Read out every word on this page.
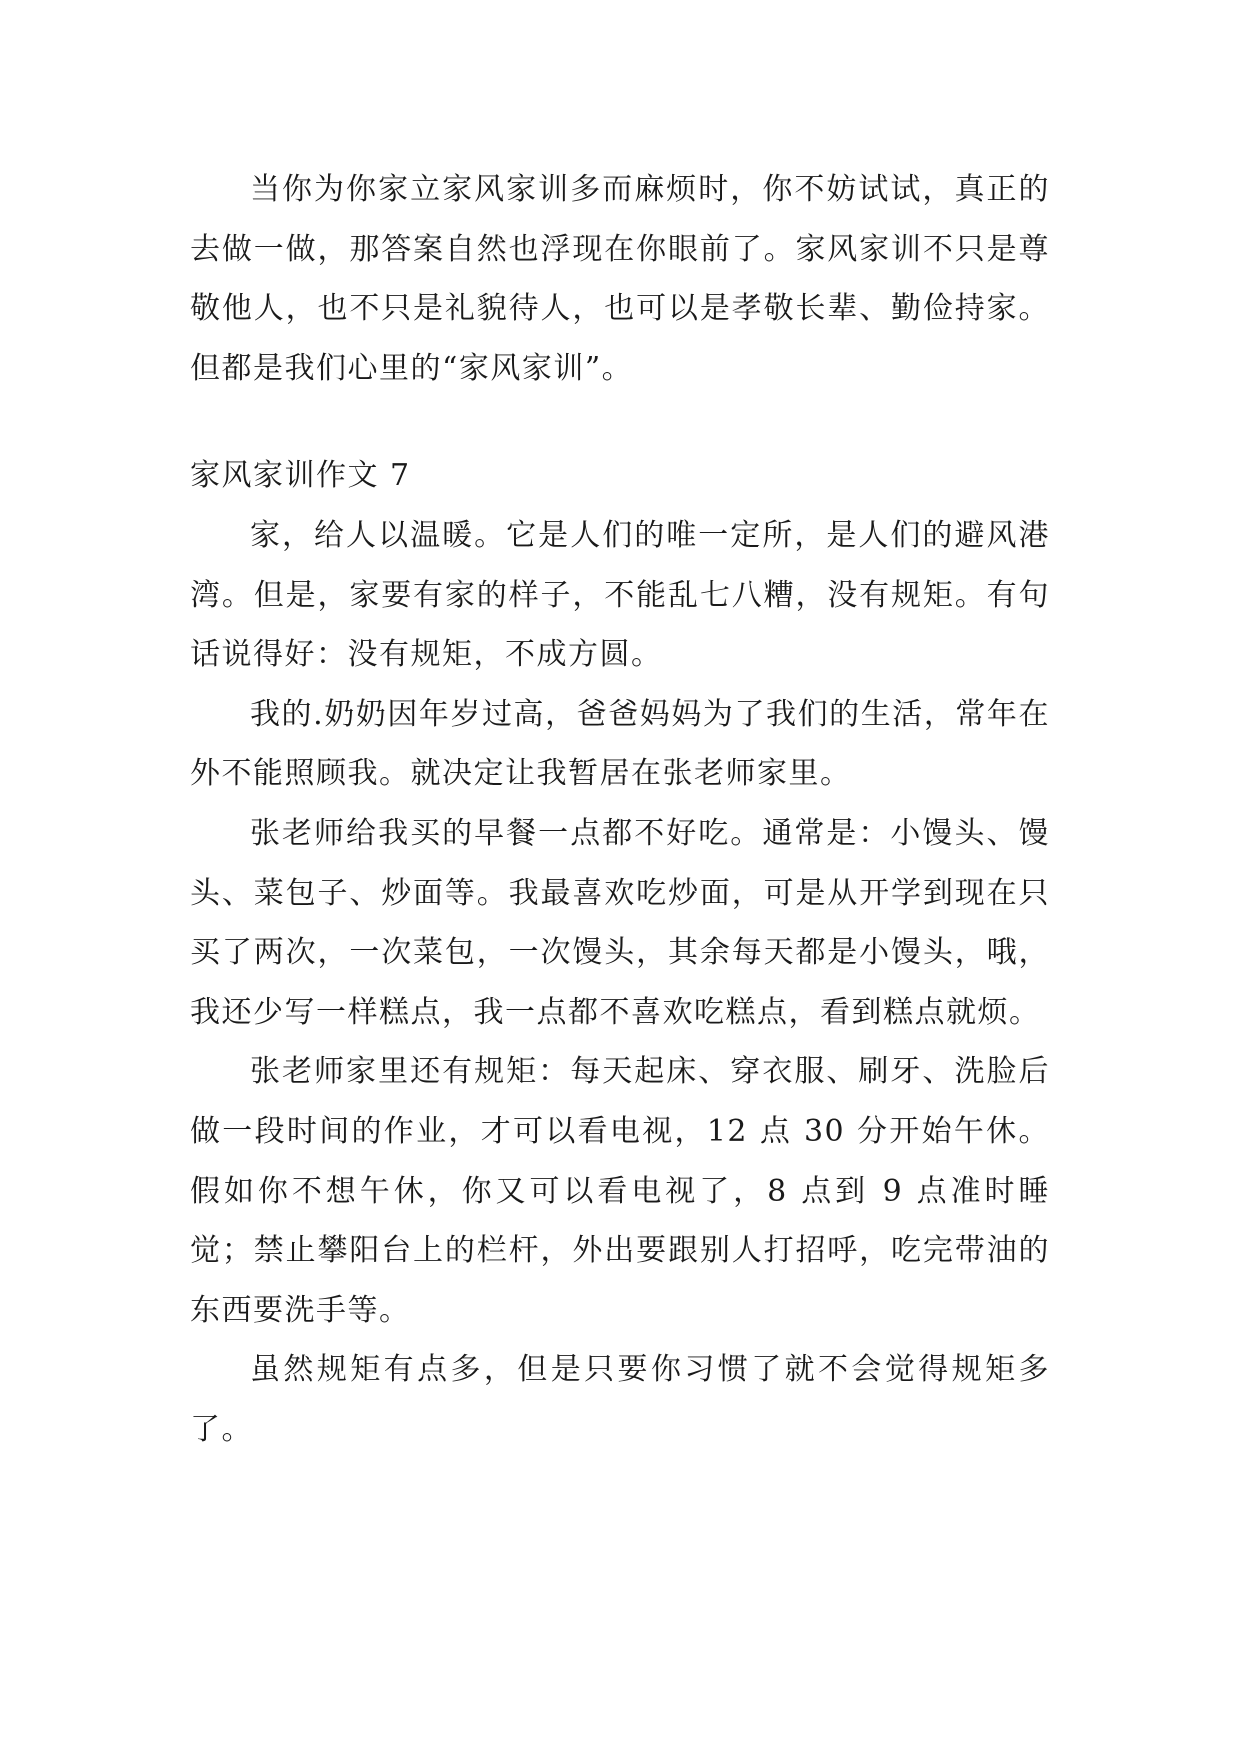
当你为你家立家风家训多而麻烦时，你不妨试试，真正的去做一做，那答案自然也浮现在你眼前了。家风家训不只是尊敬他人，也不只是礼貌待人，也可以是孝敬长辈、勤俭持家。但都是我们心里的“家风家训”。

家风家训作文 7

家，给人以温暖。它是人们的唯一定所，是人们的避风港湾。但是，家要有家的样子，不能乱七八糟，没有规矩。有句话说得好：没有规矩，不成方圆。

我的.奶奶因年岁过高，爸爸妈妈为了我们的生活，常年在外不能照顾我。就决定让我暂居在张老师家里。

张老师给我买的早餐一点都不好吃。通常是：小馒头、馒头、菜包子、炒面等。我最喜欢吃炒面，可是从开学到现在只买了两次，一次菜包，一次馒头，其余每天都是小馒头，哦，我还少写一样糕点，我一点都不喜欢吃糕点，看到糕点就烦。

张老师家里还有规矩：每天起床、穿衣服、刷牙、洗脸后做一段时间的作业，才可以看电视，12 点 30 分开始午休。假如你不想午休，你又可以看电视了，8 点到 9 点准时睡觉；禁止攀阳台上的栏杆，外出要跟别人打招呼，吃完带油的东西要洗手等。

虽然规矩有点多，但是只要你习惯了就不会觉得规矩多了。
